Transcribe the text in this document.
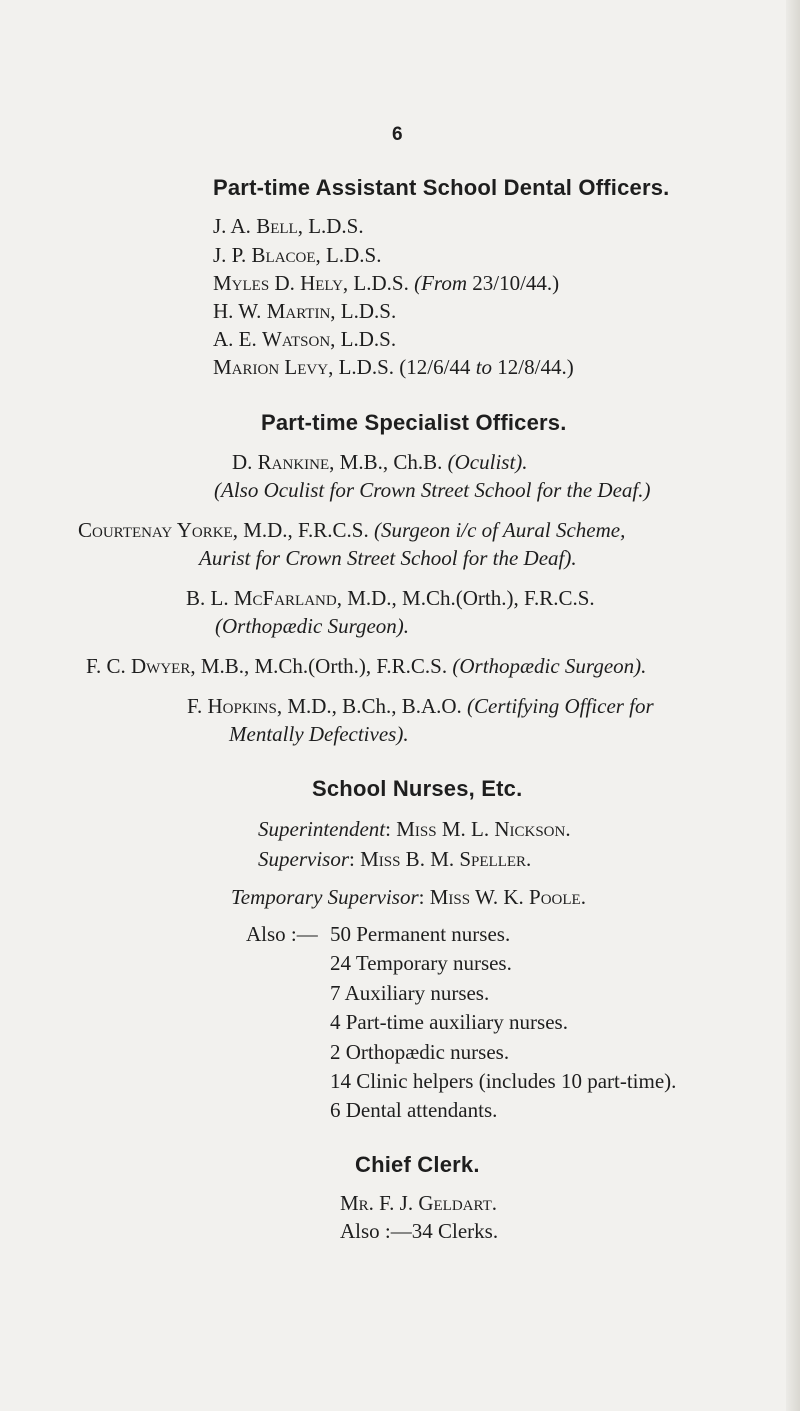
6
Part-time Assistant School Dental Officers.
J. A. Bell, L.D.S.
J. P. Blacoe, L.D.S.
Myles D. Hely, L.D.S. (From 23/10/44.)
H. W. Martin, L.D.S.
A. E. Watson, L.D.S.
Marion Levy, L.D.S. (12/6/44 to 12/8/44.)
Part-time Specialist Officers.
D. Rankine, M.B., Ch.B. (Oculist).
(Also Oculist for Crown Street School for the Deaf.)
Courtenay Yorke, M.D., F.R.C.S. (Surgeon i/c of Aural Scheme,
Aurist for Crown Street School for the Deaf).
B. L. McFarland, M.D., M.Ch.(Orth.), F.R.C.S.
(Orthopædic Surgeon).
F. C. Dwyer, M.B., M.Ch.(Orth.), F.R.C.S. (Orthopædic Surgeon).
F. Hopkins, M.D., B.Ch., B.A.O. (Certifying Officer for
Mentally Defectives).
School Nurses, Etc.
Superintendent: Miss M. L. Nickson.
Supervisor: Miss B. M. Speller.
Temporary Supervisor: Miss W. K. Poole.
Also :— 50 Permanent nurses.
24 Temporary nurses.
7 Auxiliary nurses.
4 Part-time auxiliary nurses.
2 Orthopædic nurses.
14 Clinic helpers (includes 10 part-time).
6 Dental attendants.
Chief Clerk.
Mr. F. J. Geldart.
Also :—34 Clerks.
